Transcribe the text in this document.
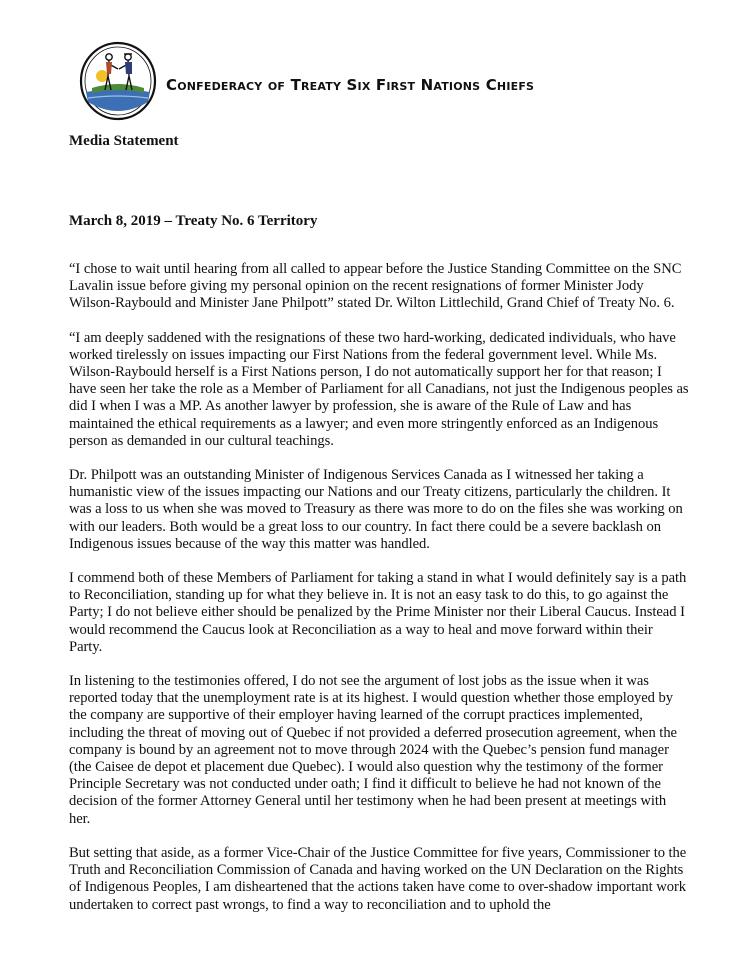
Confederacy of Treaty Six First Nations Chiefs
Media Statement
March 8, 2019 – Treaty No. 6 Territory

“I chose to wait until hearing from all called to appear before the Justice Standing Committee on the SNC Lavalin issue before giving my personal opinion on the recent resignations of former Minister Jody Wilson-Raybould and Minister Jane Philpott” stated Dr. Wilton Littlechild, Grand Chief of Treaty No. 6.

“I am deeply saddened with the resignations of these two hard-working, dedicated individuals, who have worked tirelessly on issues impacting our First Nations from the federal government level. While Ms. Wilson-Raybould herself is a First Nations person, I do not automatically support her for that reason; I have seen her take the role as a Member of Parliament for all Canadians, not just the Indigenous peoples as did I when I was a MP. As another lawyer by profession, she is aware of the Rule of Law and has maintained the ethical requirements as a lawyer; and even more stringently enforced as an Indigenous person as demanded in our cultural teachings.

Dr. Philpott was an outstanding Minister of Indigenous Services Canada as I witnessed her taking a humanistic view of the issues impacting our Nations and our Treaty citizens, particularly the children. It was a loss to us when she was moved to Treasury as there was more to do on the files she was working on with our leaders. Both would be a great loss to our country. In fact there could be a severe backlash on Indigenous issues because of the way this matter was handled.

I commend both of these Members of Parliament for taking a stand in what I would definitely say is a path to Reconciliation, standing up for what they believe in. It is not an easy task to do this, to go against the Party; I do not believe either should be penalized by the Prime Minister nor their Liberal Caucus. Instead I would recommend the Caucus look at Reconciliation as a way to heal and move forward within their Party.

In listening to the testimonies offered, I do not see the argument of lost jobs as the issue when it was reported today that the unemployment rate is at its highest. I would question whether those employed by the company are supportive of their employer having learned of the corrupt practices implemented, including the threat of moving out of Quebec if not provided a deferred prosecution agreement, when the company is bound by an agreement not to move through 2024 with the Quebec’s pension fund manager (the Caisee de depot et placement due Quebec). I would also question why the testimony of the former Principle Secretary was not conducted under oath; I find it difficult to believe he had not known of the decision of the former Attorney General until her testimony when he had been present at meetings with her.

But setting that aside, as a former Vice-Chair of the Justice Committee for five years, Commissioner to the Truth and Reconciliation Commission of Canada and having worked on the UN Declaration on the Rights of Indigenous Peoples, I am disheartened that the actions taken have come to over-shadow important work undertaken to correct past wrongs, to find a way to reconciliation and to uphold the
